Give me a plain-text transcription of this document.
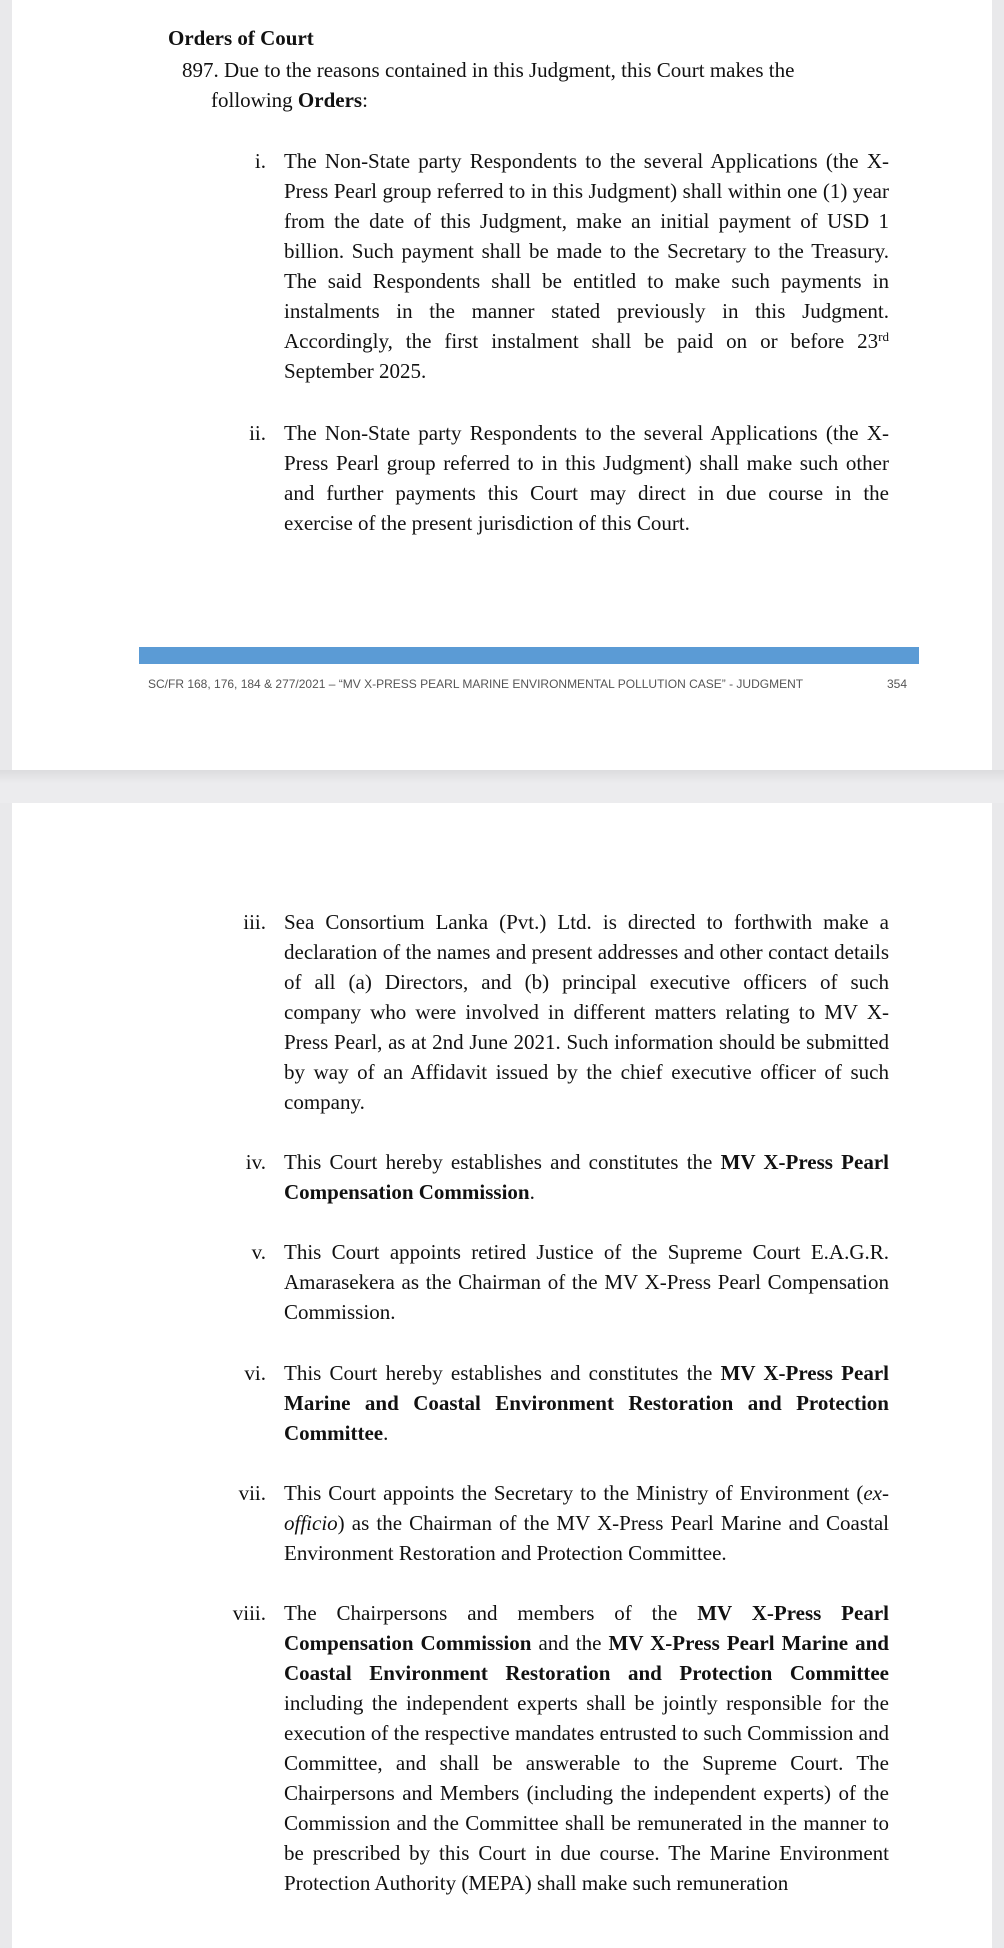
Orders of Court
897. Due to the reasons contained in this Judgment, this Court makes the
following Orders:
i. The Non-State party Respondents to the several Applications (the X-Press Pearl group referred to in this Judgment) shall within one (1) year from the date of this Judgment, make an initial payment of USD 1 billion. Such payment shall be made to the Secretary to the Treasury. The said Respondents shall be entitled to make such payments in instalments in the manner stated previously in this Judgment. Accordingly, the first instalment shall be paid on or before 23rd September 2025.
ii. The Non-State party Respondents to the several Applications (the X-Press Pearl group referred to in this Judgment) shall make such other and further payments this Court may direct in due course in the exercise of the present jurisdiction of this Court.
SC/FR 168, 176, 184 & 277/2021 – “MV X-PRESS PEARL MARINE ENVIRONMENTAL POLLUTION CASE” - JUDGMENT	354
iii. Sea Consortium Lanka (Pvt.) Ltd. is directed to forthwith make a declaration of the names and present addresses and other contact details of all (a) Directors, and (b) principal executive officers of such company who were involved in different matters relating to MV X-Press Pearl, as at 2nd June 2021. Such information should be submitted by way of an Affidavit issued by the chief executive officer of such company.
iv. This Court hereby establishes and constitutes the MV X-Press Pearl Compensation Commission.
v. This Court appoints retired Justice of the Supreme Court E.A.G.R. Amarasekera as the Chairman of the MV X-Press Pearl Compensation Commission.
vi. This Court hereby establishes and constitutes the MV X-Press Pearl Marine and Coastal Environment Restoration and Protection Committee.
vii. This Court appoints the Secretary to the Ministry of Environment (ex-officio) as the Chairman of the MV X-Press Pearl Marine and Coastal Environment Restoration and Protection Committee.
viii. The Chairpersons and members of the MV X-Press Pearl Compensation Commission and the MV X-Press Pearl Marine and Coastal Environment Restoration and Protection Committee including the independent experts shall be jointly responsible for the execution of the respective mandates entrusted to such Commission and Committee, and shall be answerable to the Supreme Court. The Chairpersons and Members (including the independent experts) of the Commission and the Committee shall be remunerated in the manner to be prescribed by this Court in due course. The Marine Environment Protection Authority (MEPA) shall make such remuneration
